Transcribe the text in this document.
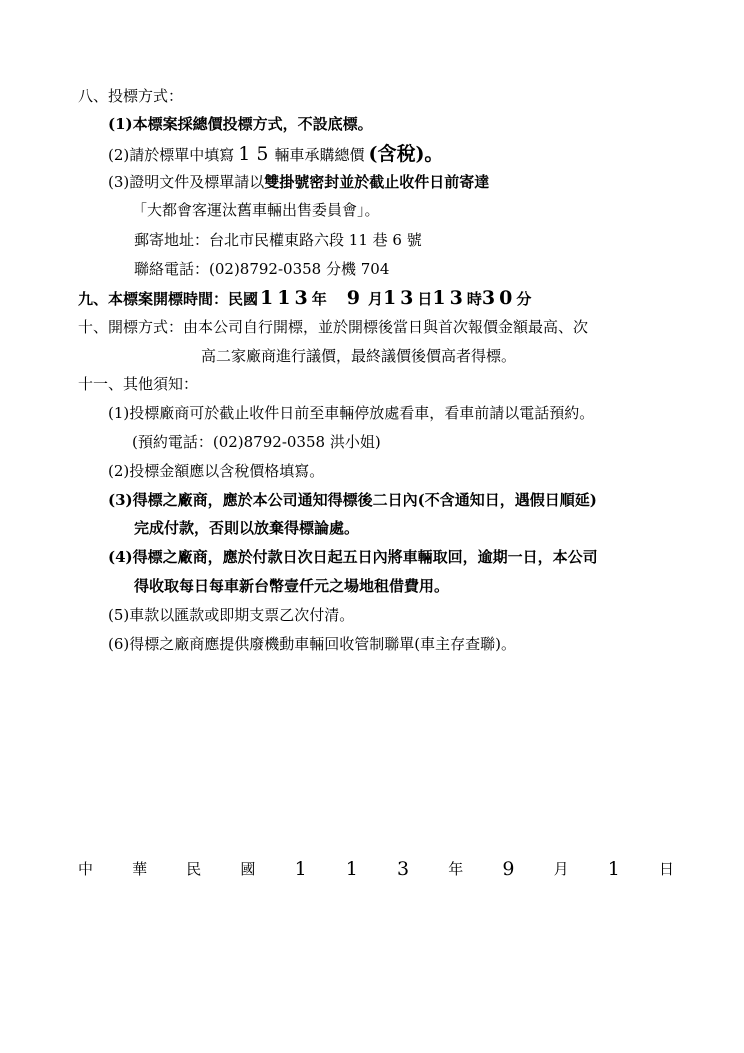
八、投標方式：
(1)本標案採總價投標方式，不設底標。
(2)請於標單中填寫 15輛車承購總價 (含稅)。
(3)證明文件及標單請以雙掛號密封並於截止收件日前寄達
「大都會客運汰舊車輛出售委員會」。
郵寄地址：台北市民權東路六段 11 巷 6 號
聯絡電話：(02)8792-0358 分機 704
九、本標案開標時間：民國 113年 9 月13日13時30分
十、開標方式：由本公司自行開標，並於開標後當日與首次報價金額最高、次
高二家廠商進行議價，最終議價後價高者得標。
十一、其他須知：
(1)投標廠商可於截止收件日前至車輛停放處看車，看車前請以電話預約。
(預約電話：(02)8792-0358 洪小姐)
(2)投標金額應以含稅價格填寫。
(3)得標之廠商，應於本公司通知得標後二日內(不含通知日，遇假日順延)
完成付款，否則以放棄得標論處。
(4)得標之廠商，應於付款日次日起五日內將車輛取回，逾期一日，本公司
得收取每日每車新台幣壹仟元之場地租借費用。
(5)車款以匯款或即期支票乙次付清。
(6)得標之廠商應提供廢機動車輛回收管制聯單(車主存查聯)。
中	華	民	國 1 1 3	年 9	月 1	日
